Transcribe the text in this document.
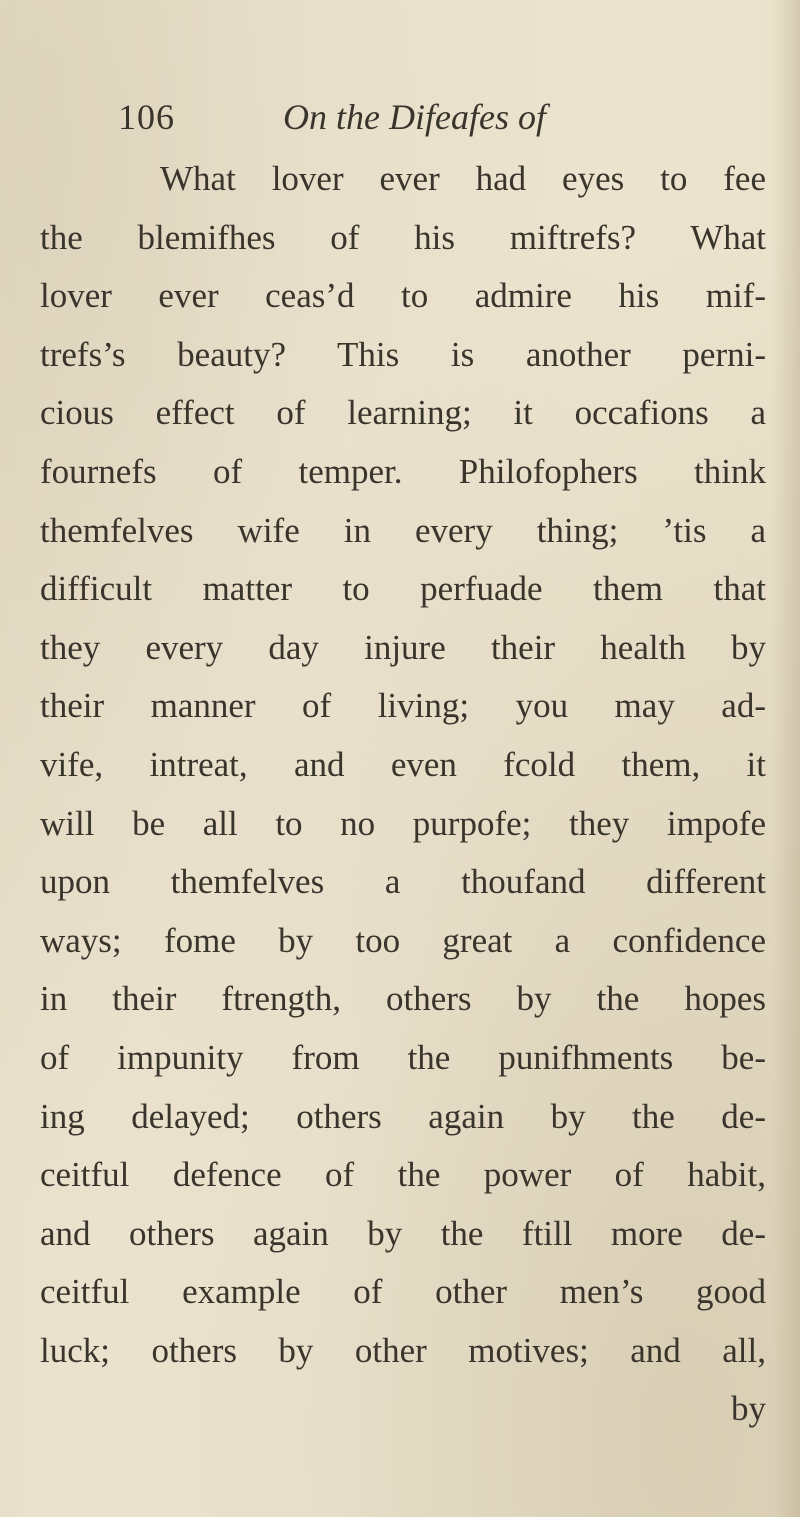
106	On the Difeafes of
What lover ever had eyes to fee
the blemifhes of his miftrefs? What
lover ever ceas’d to admire his mif-
trefs’s beauty? This is another perni-
cious effect of learning; it occafions a
fournefs of temper. Philofophers think
themfelves wife in every thing; ’tis a
difficult matter to perfuade them that
they every day injure their health by
their manner of living; you may ad-
vife, intreat, and even fcold them, it
will be all to no purpofe; they impofe
upon themfelves a thoufand different
ways; fome by too great a confidence
in their ftrength, others by the hopes
of impunity from the punifhments be-
ing delayed; others again by the de-
ceitful defence of the power of habit,
and others again by the ftill more de-
ceitful example of other men’s good
luck; others by other motives; and all,
by
